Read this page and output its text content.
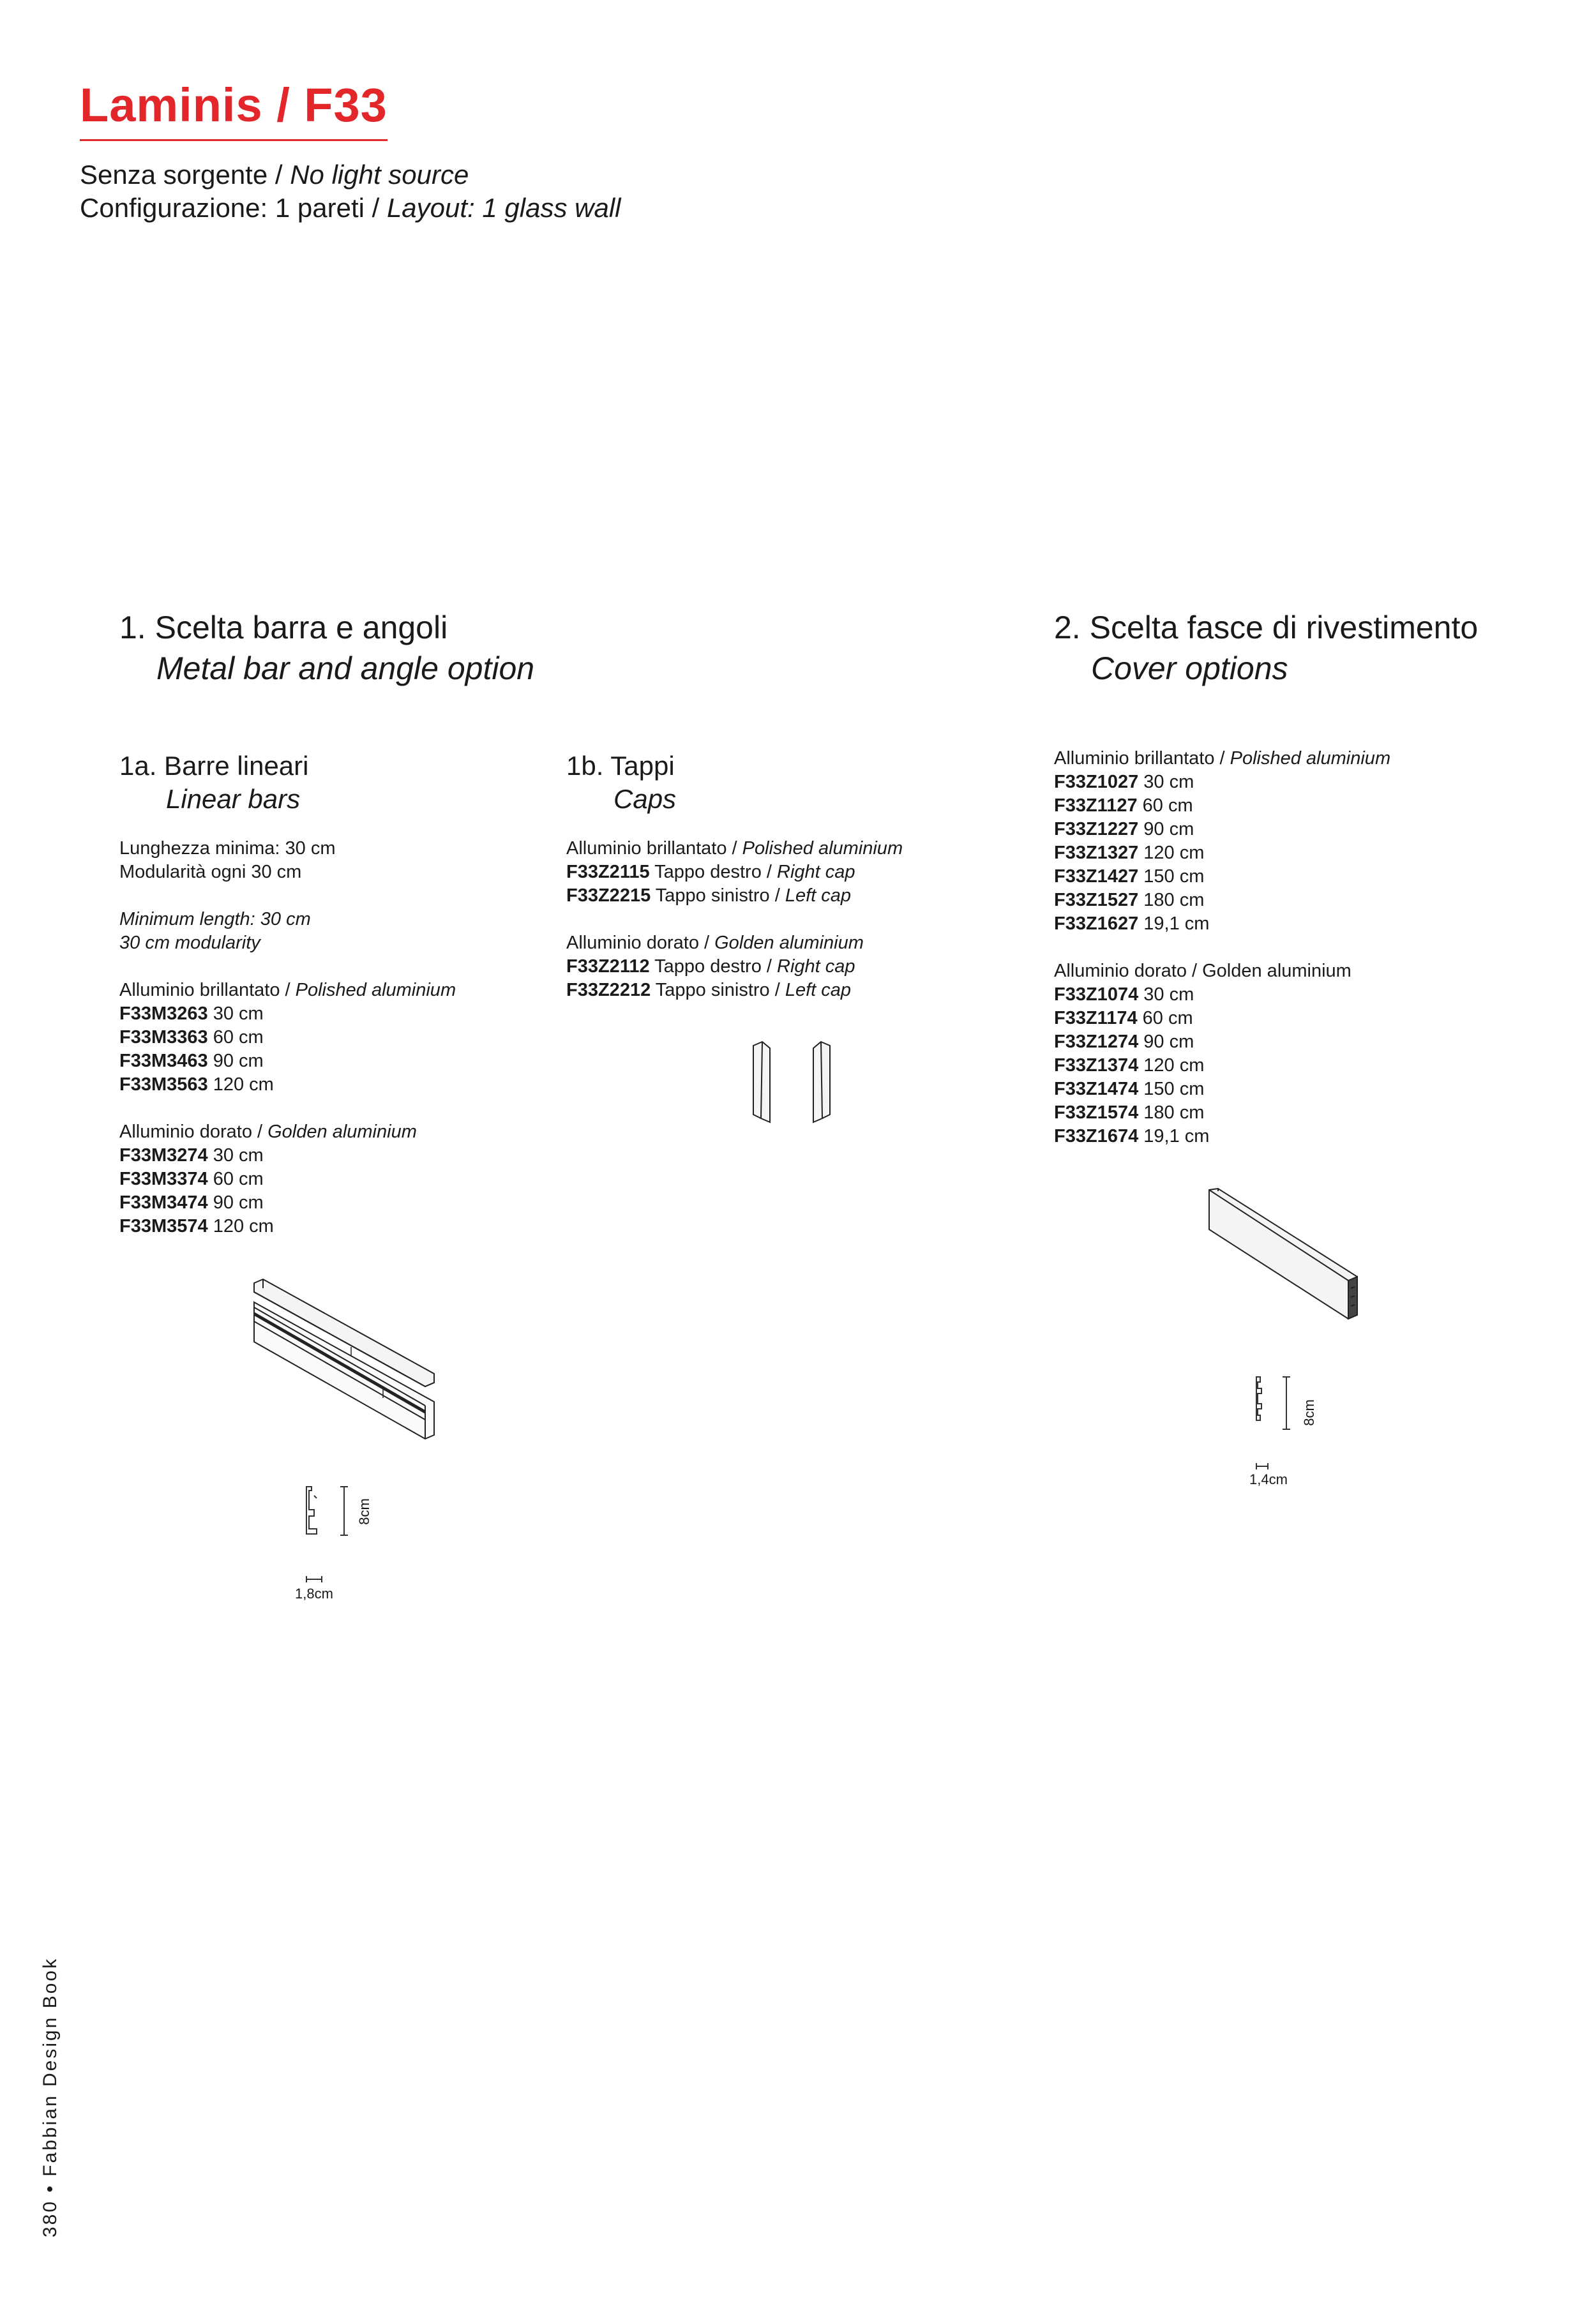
Laminis / F33
Senza sorgente / No light source
Configurazione: 1 pareti / Layout: 1 glass wall
1. Scelta barra e angoli
Metal bar and angle option
2. Scelta fasce di rivestimento
Cover options
1a. Barre lineari
Linear bars
Lunghezza minima: 30 cm
Modularità ogni 30 cm

Minimum length: 30 cm
30 cm modularity

Alluminio brillantato / Polished aluminium
F33M3263 30 cm
F33M3363 60 cm
F33M3463 90 cm
F33M3563 120 cm

Alluminio dorato / Golden aluminium
F33M3274 30 cm
F33M3374 60 cm
F33M3474 90 cm
F33M3574 120 cm
8cm
1,8cm
1b. Tappi
Caps
Alluminio brillantato / Polished aluminium
F33Z2115 Tappo destro / Right cap
F33Z2215 Tappo sinistro / Left cap

Alluminio dorato / Golden aluminium
F33Z2112 Tappo destro / Right cap
F33Z2212 Tappo sinistro / Left cap
Alluminio brillantato / Polished aluminium
F33Z1027 30 cm
F33Z1127 60 cm
F33Z1227 90 cm
F33Z1327 120 cm
F33Z1427 150 cm
F33Z1527 180 cm
F33Z1627 19,1 cm

Alluminio dorato / Golden aluminium
F33Z1074 30 cm
F33Z1174 60 cm
F33Z1274 90 cm
F33Z1374 120 cm
F33Z1474 150 cm
F33Z1574 180 cm
F33Z1674 19,1 cm
8cm
1,4cm
380 • Fabbian Design Book
